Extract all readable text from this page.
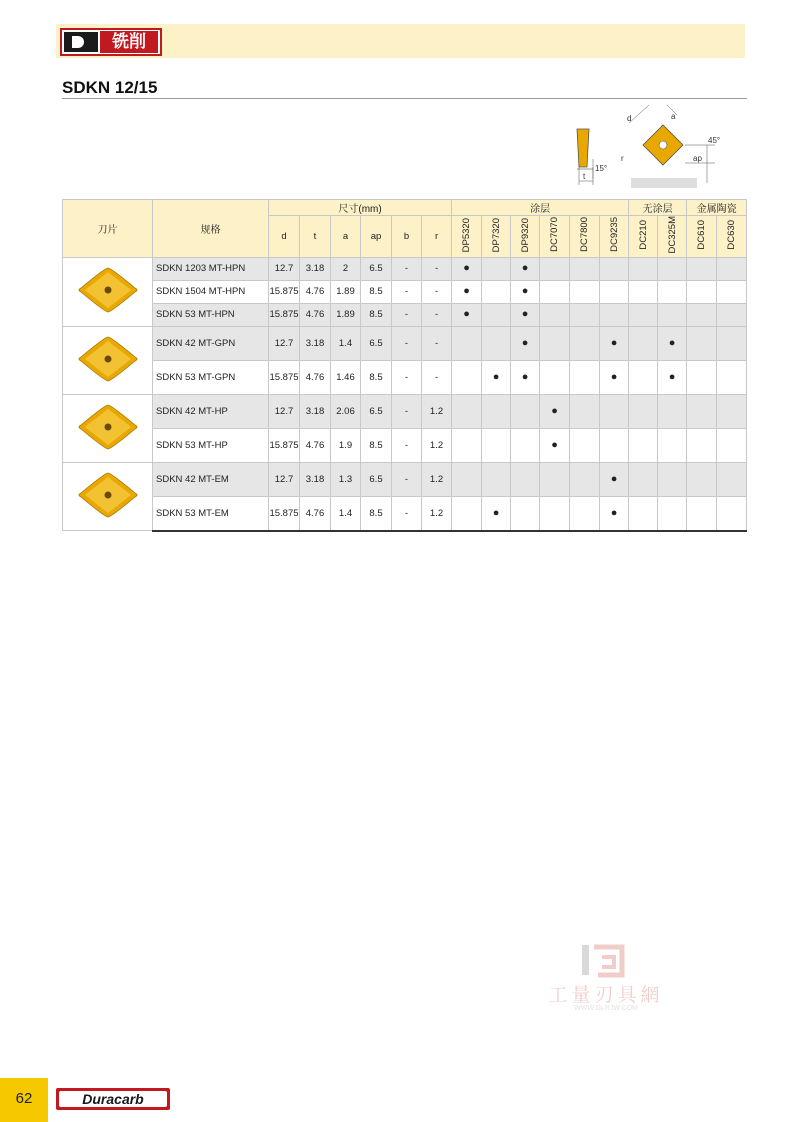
铣削
SDKN 12/15
t
15°
d	a
r
45°
ap
刀片	规格	尺寸(mm)						涂层						无涂层		金属陶瓷	
		d	t	a	ap	b	r	DP5320	DP7320	DP9320	DC7070	DC7800	DC9235	DC210	DC325M	DC610	DC630
	SDKN 1203 MT-HPN	12.7	3.18	2	6.5	-	-	●		●							
	SDKN 1504 MT-HPN	15.875	4.76	1.89	8.5	-	-	●		●							
	SDKN 53 MT-HPN	15.875	4.76	1.89	8.5	-	-	●		●							
	SDKN 42 MT-GPN	12.7	3.18	1.4	6.5	-	-			●			●		●		
	SDKN 53 MT-GPN	15.875	4.76	1.46	8.5	-	-		●	●			●		●		
	SDKN 42 MT-HP	12.7	3.18	2.06	6.5	-	1.2				●						
	SDKN 53 MT-HP	15.875	4.76	1.9	8.5	-	1.2				●						
	SDKN 42 MT-EM	12.7	3.18	1.3	6.5	-	1.2						●				
	SDKN 53 MT-EM	15.875	4.76	1.4	8.5	-	1.2		●				●				
工量刃具網
WWW.GLRJW.COM
62	Duracarb
